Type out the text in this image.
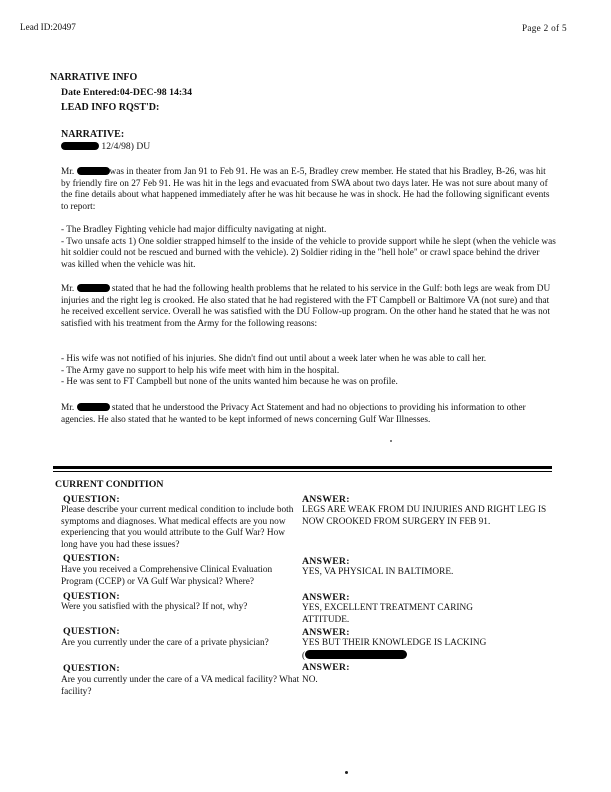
Lead ID:20497	Page 2 of 5
NARRATIVE INFO
Date Entered:04-DEC-98 14:34
LEAD INFO RQST'D:
NARRATIVE:
12/4/98) DU

Mr.	was in theater from Jan 91 to Feb 91. He was an E-5, Bradley crew member. He stated that his Bradley, B-26, was hit by friendly fire on 27 Feb 91. He was hit in the legs and evacuated from SWA about two days later. He was not sure about many of the fine details about what happened immediately after he was hit because he was in shock. He had the following significant events to report:

- The Bradley Fighting vehicle had major difficulty navigating at night.

- Two unsafe acts 1) One soldier strapped himself to the inside of the vehicle to provide support while he slept (when the vehicle was hit soldier could not be rescued and burned with the vehicle). 2) Soldier riding in the "hell hole" or crawl space behind the driver was killed when the vehicle was hit.

Mr.	stated that he had the following health problems that he related to his service in the Gulf: both legs are weak from DU injuries and the right leg is crooked. He also stated that he had registered with the FT Campbell or Baltimore VA (not sure) and that he received excellent service. Overall he was satisfied with the DU Follow-up program. On the other hand he stated that he was not satisfied with his treatment from the Army for the following reasons:

- His wife was not notified of his injuries. She didn't find out until about a week later when he was able to call her.

- The Army gave no support to help his wife meet with him in the hospital.

- He was sent to FT Campbell but none of the units wanted him because he was on profile.

Mr.	stated that he understood the Privacy Act Statement and had no objections to providing his information to other agencies. He also stated that he wanted to be kept informed of news concerning Gulf War Illnesses.

CURRENT CONDITION
QUESTION:	ANSWER:
Please describe your current medical condition to include both symptoms and diagnoses. What medical effects are you now experiencing that you would attribute to the Gulf War? How long have you had these issues?
LEGS ARE WEAK FROM DU INJURIES AND RIGHT LEG IS NOW CROOKED FROM SURGERY IN FEB 91.
QUESTION:	ANSWER:
Have you received a Comprehensive Clinical Evaluation Program (CCEP) or VA Gulf War physical? Where?
YES, VA PHYSICAL IN BALTIMORE.
QUESTION:	ANSWER:
Were you satisfied with the physical? If not, why?	YES, EXCELLENT TREATMENT CARING ATTITUDE.
QUESTION:	ANSWER:
Are you currently under the care of a private physician?	YES BUT THEIR KNOWLEDGE IS LACKING
(
QUESTION:	ANSWER:
Are you currently under the care of a VA medical facility? What facility?
NO.
